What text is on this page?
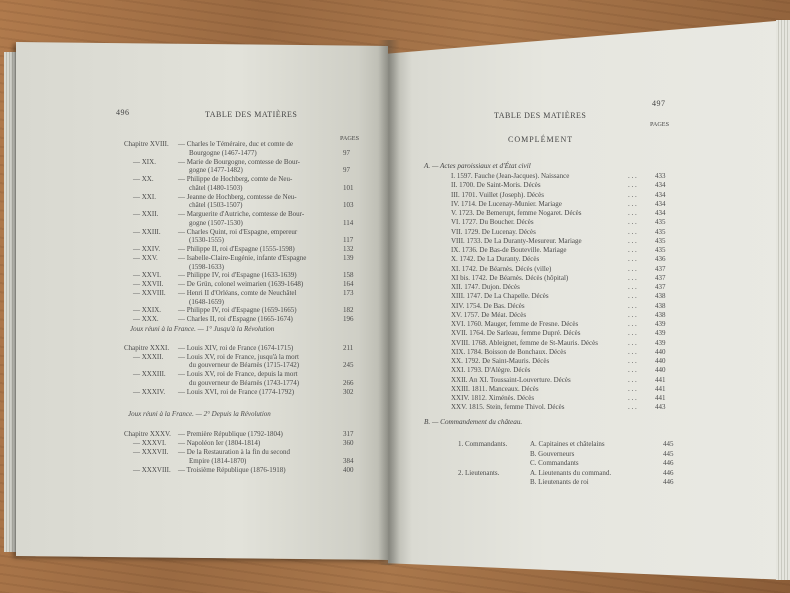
496	TABLE DES MATIÈRES
PAGES
Chapitre XVIII. — Charles le Téméraire, duc et comte de
Bourgogne (1467-1477)	97
— XIX.	— Marie de Bourgogne, comtesse de Bour-
gogne (1477-1482)	97
— XX.	— Philippe de Hochberg, comte de Neu-
châtel (1480-1503)	101
— XXI.	— Jeanne de Hochberg, comtesse de Neu-
châtel (1503-1507)	103
— XXII.	— Marguerite d'Autriche, comtesse de Bour-
gogne (1507-1530)	114
— XXIII. — Charles Quint, roi d'Espagne, empereur
(1530-1555)	117
— XXIV.	— Philippe II, roi d'Espagne (1555-1598)	132
— XXV.	— Isabelle-Claire-Eugénie, infante d'Espagne	139
(1598-1633)
— XXVI. — Philippe IV, roi d'Espagne (1633-1639)	158
— XXVII. — De Grün, colonel weimarien (1639-1648)	164
— XXVIII. — Henri II d'Orléans, comte de Neuchâtel	173
(1648-1659)
— XXIX. — Philippe IV, roi d'Espagne (1659-1665)	182
— XXX.	— Charles II, roi d'Espagne (1665-1674)	196
Joux réuni à la France. — 1° Jusqu'à la Révolution
Chapitre XXXI. — Louis XIV, roi de France (1674-1715)	211
— XXXII. — Louis XV, roi de France, jusqu'à la mort
du gouverneur de Béarnès (1715-1742)	245
— XXXIII. — Louis XV, roi de France, depuis la mort
du gouverneur de Béarnès (1743-1774)	266
— XXXIV. — Louis XVI, roi de France (1774-1792)	302
Joux réuni à la France. — 2° Depuis la Révolution
Chapitre XXXV. — Première République (1792-1804)	317
— XXXVI. — Napoléon Ier (1804-1814)	360
— XXXVII. — De la Restauration à la fin du second
Empire (1814-1870)	384
— XXXVIII. — Troisième République (1876-1918)	400
TABLE DES MATIÈRES
497
PAGES
COMPLÉMENT
A. — Actes paroissiaux et d'État civil
B. — Commandement du château.
I. 1597. Fauche (Jean-Jacques). Naissance	. . .	433
II. 1700. De Saint-Moris. Décès	. . .	434
III. 1701. Vuillet (Joseph). Décès	. . .	434
IV. 1714. De Lucenay-Munier. Mariage	. . .	434
V. 1723. De Bemerupt, femme Nogaret. Décès	. . .	434
VI. 1727. Du Boucher. Décès	. . .	435
VII. 1729. De Lucenay. Décès	. . .	435
VIII. 1733. De La Duranty-Mesureur. Mariage	. . .	435
IX. 1736. De Bas-de Bouteville. Mariage	. . .	435
X. 1742. De La Duranty. Décès	. . .	436
XI. 1742. De Béarnès. Décès (ville)	. . .	437
XI bis. 1742. De Béarnès. Décès (hôpital)	. . .	437
XII. 1747. Dujon. Décès	. . .	437
XIII. 1747. De La Chapelle. Décès	. . .	438
XIV. 1754. De Bas. Décès	. . .	438
XV. 1757. De Méat. Décès	. . .	438
XVI. 1760. Mauger, femme de Fresne. Décès	. . .	439
XVII. 1764. De Sarleau, femme Dupré. Décès	. . .	439
XVIII. 1768. Ableignet, femme de St-Mauris. Décès	. . .	439
XIX. 1784. Boisson de Bonchaux. Décès	. . .	440
XX. 1792. De Saint-Mauris. Décès	. . .	440
XXI. 1793. D'Alègre. Décès	. . .	440
XXII. An XI. Toussaint-Louverture. Décès	. . .	441
XXIII. 1811. Manceaux. Décès	. . .	441
XXIV. 1812. Ximénès. Décès	. . .	441
XXV. 1815. Stein, femme Thivol. Décès	. . .	443
1. Commandants.	A. Capitaines et châtelains	445
B. Gouverneurs	445
C. Commandants	446
2. Lieutenants.	A. Lieutenants du command.	446
B. Lieutenants de roi	446
